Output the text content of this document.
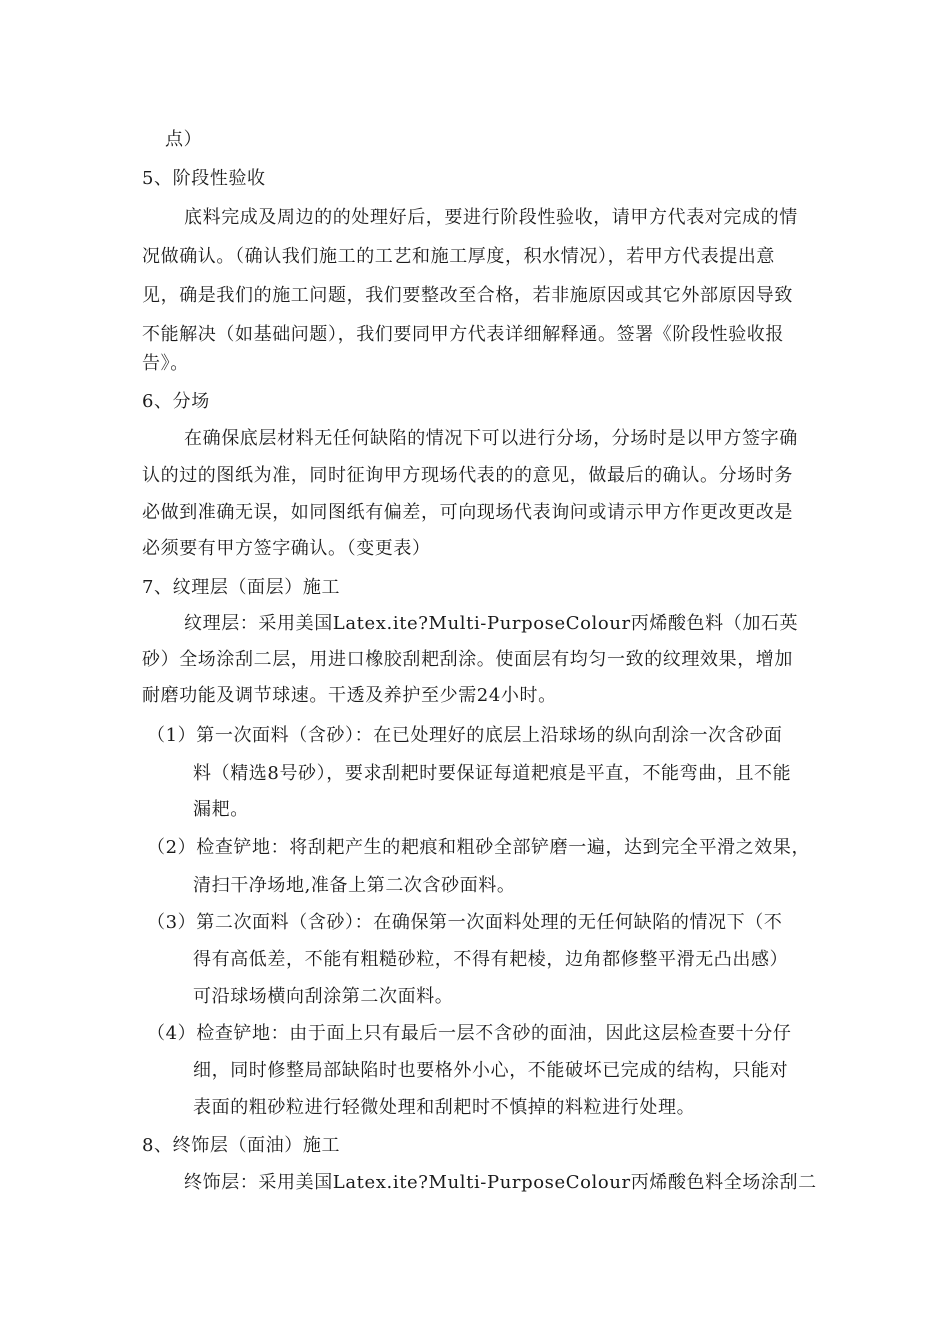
点）
5、阶段性验收
底料完成及周边的的处理好后，要进行阶段性验收，请甲方代表对完成的情
况做确认。（确认我们施工的工艺和施工厚度，积水情况），若甲方代表提出意
见，确是我们的施工问题，我们要整改至合格，若非施原因或其它外部原因导致
不能解决（如基础问题），我们要同甲方代表详细解释通。签署《阶段性验收报
告》。
6、分场
在确保底层材料无任何缺陷的情况下可以进行分场，分场时是以甲方签字确
认的过的图纸为准，同时征询甲方现场代表的的意见，做最后的确认。分场时务
必做到准确无误，如同图纸有偏差，可向现场代表询问或请示甲方作更改更改是
必须要有甲方签字确认。（变更表）
7、纹理层（面层）施工
纹理层：采用美国Latex.ite?Multi-PurposeColour丙烯酸色料（加石英
砂）全场涂刮二层，用进口橡胶刮耙刮涂。使面层有均匀一致的纹理效果，增加
耐磨功能及调节球速。干透及养护至少需24小时。
（1）第一次面料（含砂）：在已处理好的底层上沿球场的纵向刮涂一次含砂面
料（精选8号砂），要求刮耙时要保证每道耙痕是平直，不能弯曲，且不能
漏耙。
（2）检查铲地：将刮耙产生的耙痕和粗砂全部铲磨一遍，达到完全平滑之效果，
清扫干净场地,准备上第二次含砂面料。
（3）第二次面料（含砂）：在确保第一次面料处理的无任何缺陷的情况下（不
得有高低差，不能有粗糙砂粒，不得有耙棱，边角都修整平滑无凸出感）
可沿球场横向刮涂第二次面料。
（4）检查铲地：由于面上只有最后一层不含砂的面油，因此这层检查要十分仔
细，同时修整局部缺陷时也要格外小心，不能破坏已完成的结构，只能对
表面的粗砂粒进行轻微处理和刮耙时不慎掉的料粒进行处理。
8、终饰层（面油）施工
终饰层：采用美国Latex.ite?Multi-PurposeColour丙烯酸色料全场涂刮二
